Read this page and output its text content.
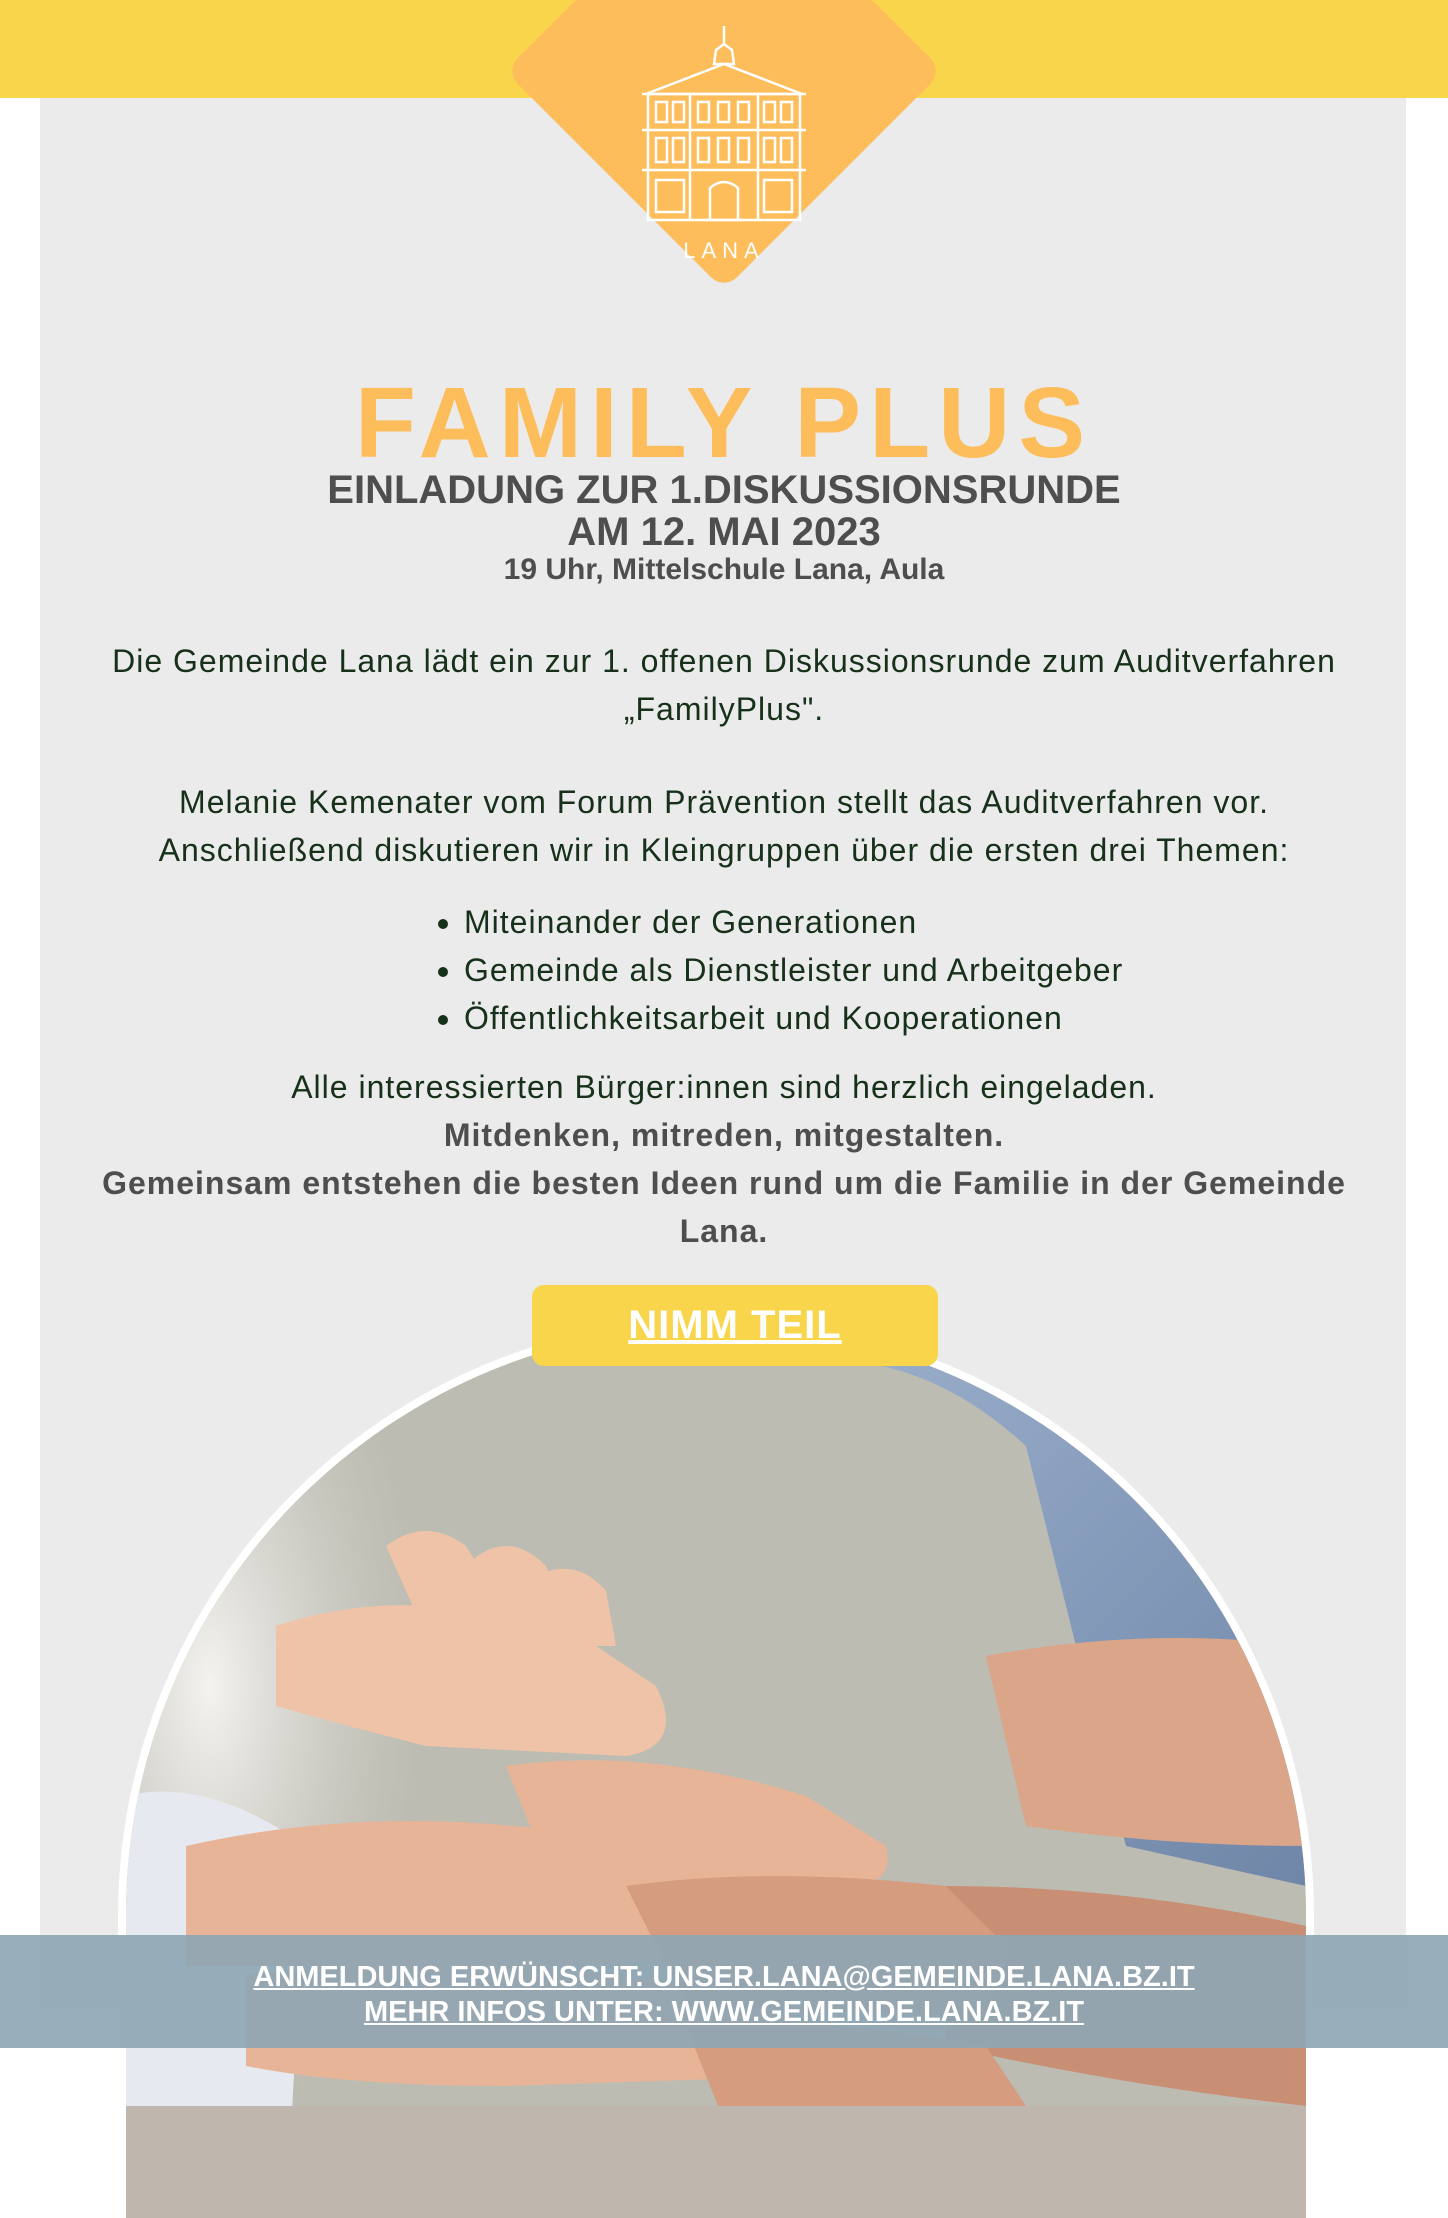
LANA
FAMILY PLUS
EINLADUNG ZUR 1.DISKUSSIONSRUNDE
AM 12. MAI 2023
19 Uhr, Mittelschule Lana, Aula
Die Gemeinde Lana lädt ein zur 1. offenen Diskussionsrunde zum Auditverfahren „FamilyPlus".
Melanie Kemenater vom Forum Prävention stellt das Auditverfahren vor. Anschließend diskutieren wir in Kleingruppen über die ersten drei Themen:
• Miteinander der Generationen
• Gemeinde als Dienstleister und Arbeitgeber
• Öffentlichkeitsarbeit und Kooperationen
Alle interessierten Bürger:innen sind herzlich eingeladen.
Mitdenken, mitreden, mitgestalten.
Gemeinsam entstehen die besten Ideen rund um die Familie in der Gemeinde Lana.
NIMM TEIL
ANMELDUNG ERWÜNSCHT: UNSER.LANA@GEMEINDE.LANA.BZ.IT
MEHR INFOS UNTER: WWW.GEMEINDE.LANA.BZ.IT
